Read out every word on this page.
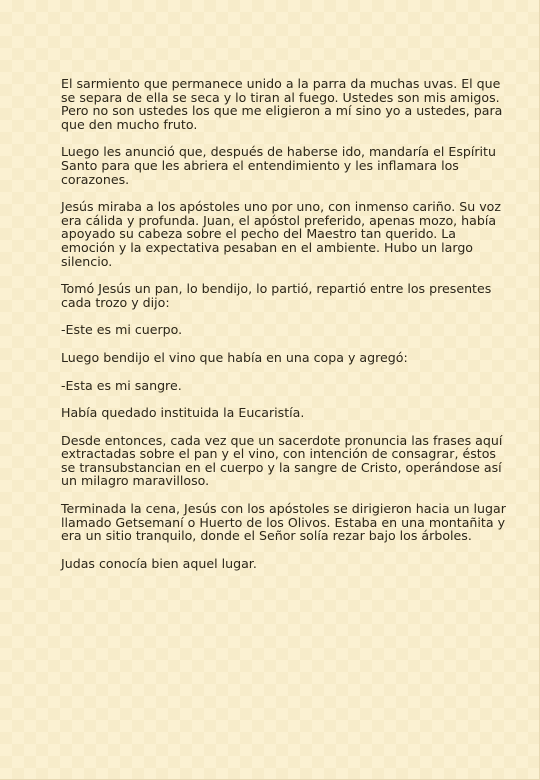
El sarmiento que permanece unido a la parra da muchas uvas. El que se separa de ella se seca y lo tiran al fuego. Ustedes son mis amigos. Pero no son ustedes los que me eligieron a mí sino yo a ustedes, para que den mucho fruto.

Luego les anunció que, después de haberse ido, mandaría el Espíritu Santo para que les abriera el entendimiento y les inflamara los corazones.

Jesús miraba a los apóstoles uno por uno, con inmenso cariño. Su voz era cálida y profunda. Juan, el apóstol preferido, apenas mozo, había apoyado su cabeza sobre el pecho del Maestro tan querido. La emoción y la expectativa pesaban en el ambiente. Hubo un largo silencio.

Tomó Jesús un pan, lo bendijo, lo partió, repartió entre los presentes cada trozo y dijo:

-Este es mi cuerpo.

Luego bendijo el vino que había en una copa y agregó:

-Esta es mi sangre.

Había quedado instituida la Eucaristía.

Desde entonces, cada vez que un sacerdote pronuncia las frases aquí extractadas sobre el pan y el vino, con intención de consagrar, éstos se transubstancian en el cuerpo y la sangre de Cristo, operándose así un milagro maravilloso.

Terminada la cena, Jesús con los apóstoles se dirigieron hacia un lugar llamado Getsemaní o Huerto de los Olivos. Estaba en una montañita y era un sitio tranquilo, donde el Señor solía rezar bajo los árboles.

Judas conocía bien aquel lugar.
